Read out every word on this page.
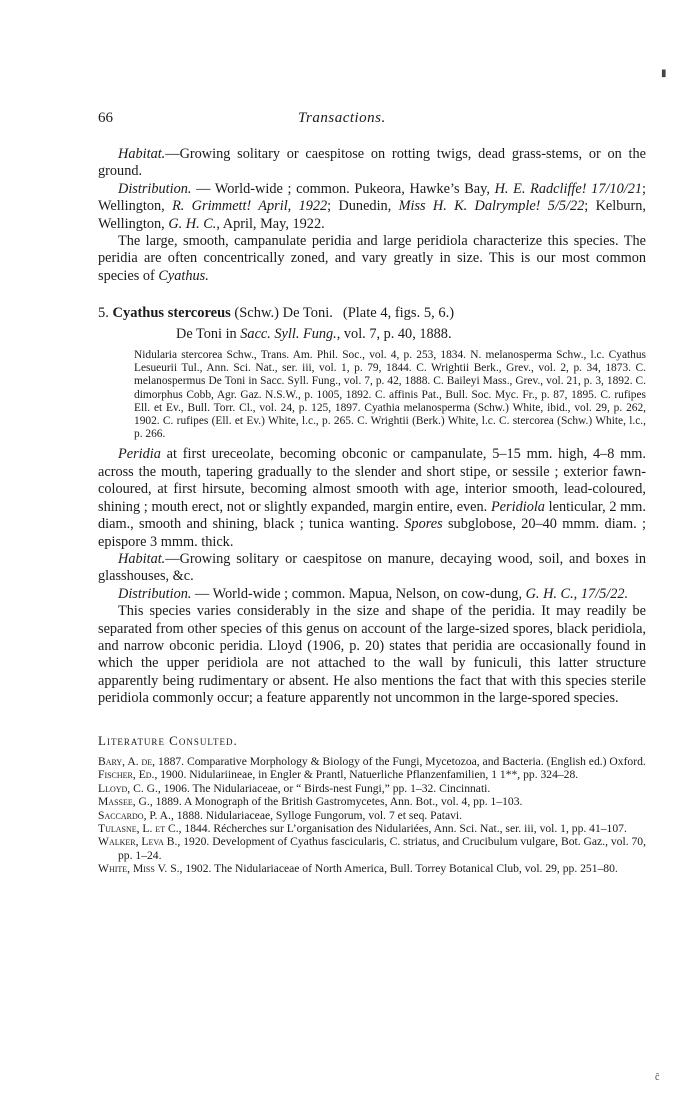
▮
ĉ
66	Transactions.

Habitat.—Growing solitary or caespitose on rotting twigs, dead grass-stems, or on the ground.

Distribution. — World-wide ; common. Pukeora, Hawke’s Bay, H. E. Radcliffe! 17/10/21; Wellington, R. Grimmett! April, 1922; Dunedin, Miss H. K. Dalrymple! 5/5/22; Kelburn, Wellington, G. H. C., April, May, 1922.

The large, smooth, campanulate peridia and large peridiola characterize this species. The peridia are often concentrically zoned, and vary greatly in size. This is our most common species of Cyathus.

5. Cyathus stercoreus (Schw.) De Toni. (Plate 4, figs. 5, 6.)

De Toni in Sacc. Syll. Fung., vol. 7, p. 40, 1888.

Nidularia stercorea Schw., Trans. Am. Phil. Soc., vol. 4, p. 253, 1834. N. melanosperma Schw., l.c. Cyathus Lesueurii Tul., Ann. Sci. Nat., ser. iii, vol. 1, p. 79, 1844. C. Wrightii Berk., Grev., vol. 2, p. 34, 1873. C. melanospermus De Toni in Sacc. Syll. Fung., vol. 7, p. 42, 1888. C. Baileyi Mass., Grev., vol. 21, p. 3, 1892. C. dimorphus Cobb, Agr. Gaz. N.S.W., p. 1005, 1892. C. affinis Pat., Bull. Soc. Myc. Fr., p. 87, 1895. C. rufipes Ell. et Ev., Bull. Torr. Cl., vol. 24, p. 125, 1897. Cyathia melanosperma (Schw.) White, ibid., vol. 29, p. 262, 1902. C. rufipes (Ell. et Ev.) White, l.c., p. 265. C. Wrightii (Berk.) White, l.c. C. stercorea (Schw.) White, l.c., p. 266.

Peridia at first ureceolate, becoming obconic or campanulate, 5–15 mm. high, 4–8 mm. across the mouth, tapering gradually to the slender and short stipe, or sessile ; exterior fawn-coloured, at first hirsute, becoming almost smooth with age, interior smooth, lead-coloured, shining ; mouth erect, not or slightly expanded, margin entire, even. Peridiola lenticular, 2 mm. diam., smooth and shining, black ; tunica wanting. Spores subglobose, 20–40 mmm. diam. ; epispore 3 mmm. thick.

Habitat.—Growing solitary or caespitose on manure, decaying wood, soil, and boxes in glasshouses, &c.

Distribution. — World-wide ; common. Mapua, Nelson, on cow-dung, G. H. C., 17/5/22.

This species varies considerably in the size and shape of the peridia. It may readily be separated from other species of this genus on account of the large-sized spores, black peridiola, and narrow obconic peridia. Lloyd (1906, p. 20) states that peridia are occasionally found in which the upper peridiola are not attached to the wall by funiculi, this latter structure apparently being rudimentary or absent. He also mentions the fact that with this species sterile peridiola commonly occur; a feature apparently not uncommon in the large-spored species.

Literature Consulted.

Bary, A. de, 1887. Comparative Morphology & Biology of the Fungi, Mycetozoa, and Bacteria. (English ed.) Oxford.

Fischer, Ed., 1900. Nidulariineae, in Engler & Prantl, Natuerliche Pflanzenfamilien, 1 1**, pp. 324–28.

Lloyd, C. G., 1906. The Nidulariaceae, or “ Birds-nest Fungi,” pp. 1–32. Cincinnati.

Massee, G., 1889. A Monograph of the British Gastromycetes, Ann. Bot., vol. 4, pp. 1–103.

Saccardo, P. A., 1888. Nidulariaceae, Sylloge Fungorum, vol. 7 et seq. Patavi.

Tulasne, L. et C., 1844. Récherches sur L’organisation des Nidulariées, Ann. Sci. Nat., ser. iii, vol. 1, pp. 41–107.

Walker, Leva B., 1920. Development of Cyathus fascicularis, C. striatus, and Crucibulum vulgare, Bot. Gaz., vol. 70, pp. 1–24.

White, Miss V. S., 1902. The Nidulariaceae of North America, Bull. Torrey Botanical Club, vol. 29, pp. 251–80.
